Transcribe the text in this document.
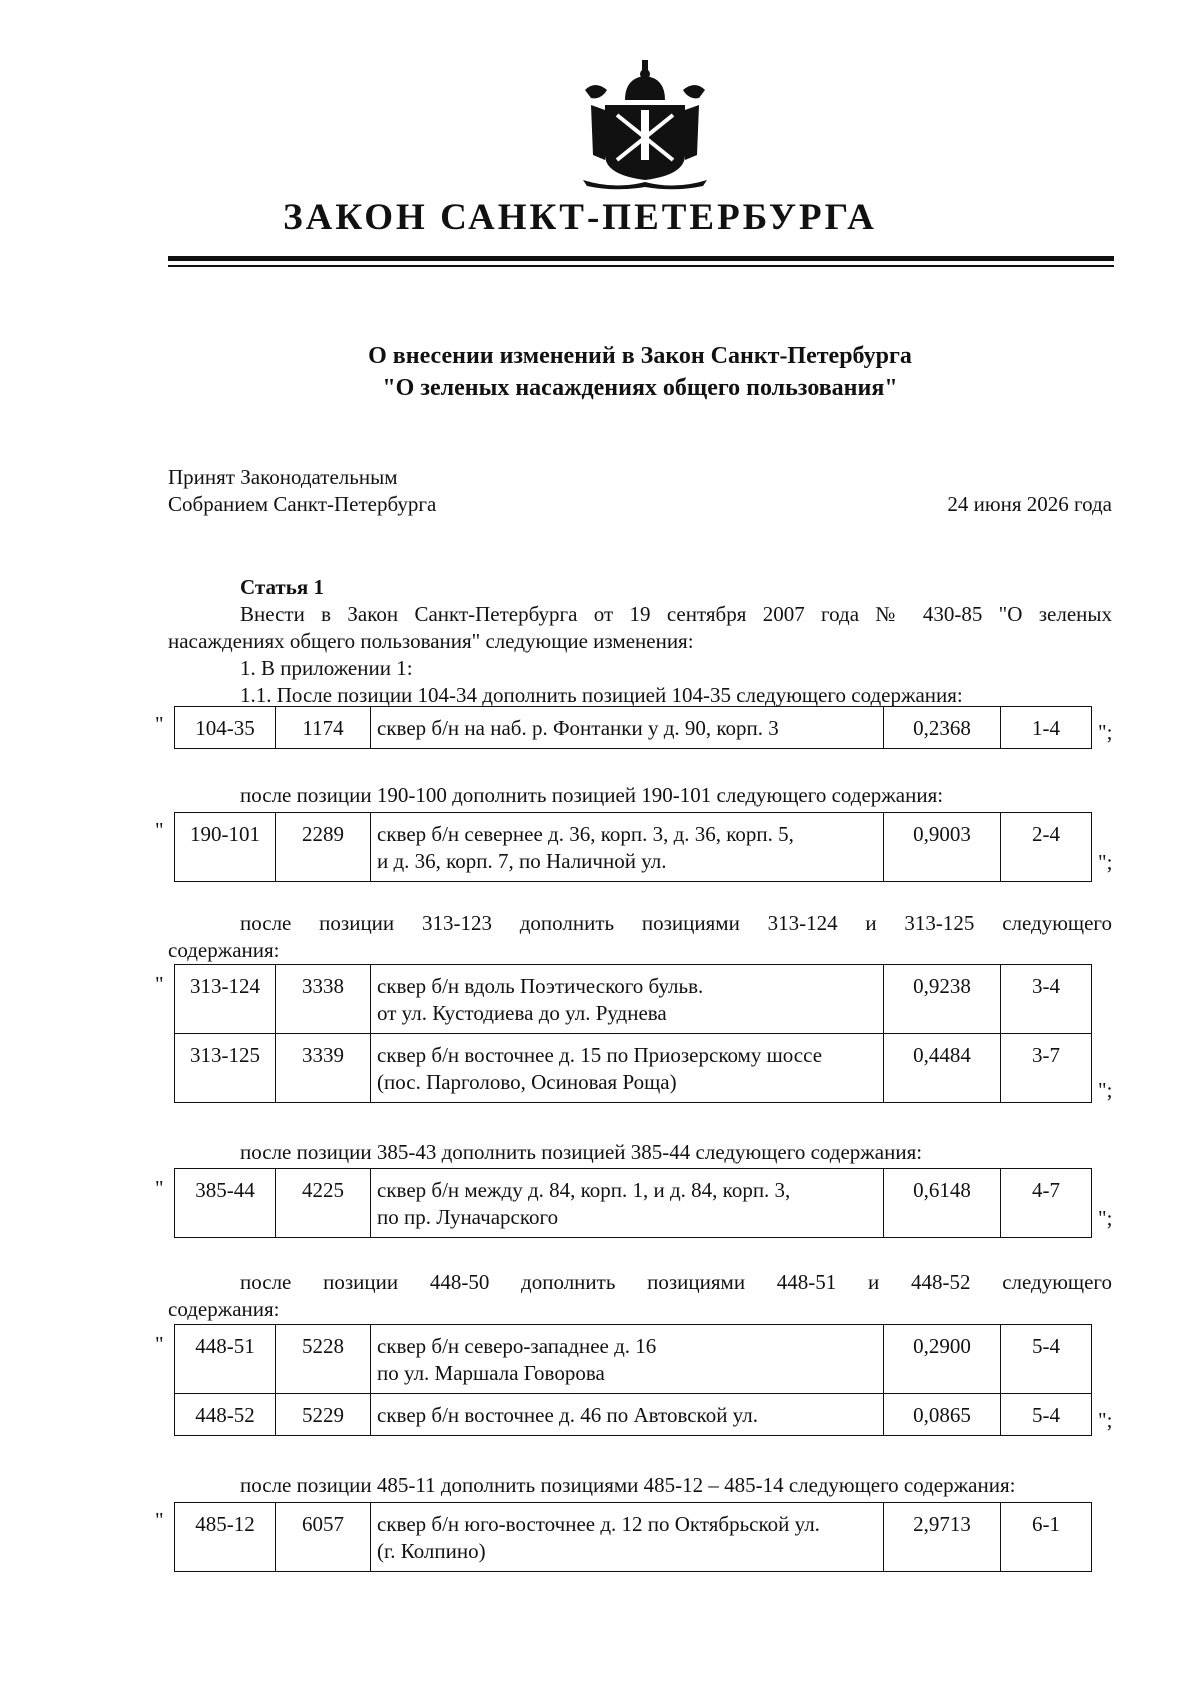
ЗАКОН САНКТ-ПЕТЕРБУРГА
О внесении изменений в Закон Санкт-Петербурга
"О зеленых насаждениях общего пользования"
Принят Законодательным
Собранием Санкт-Петербурга	24 июня 2026 года
Статья 1
Внести в Закон Санкт-Петербурга от 19 сентября 2007 года № 430-85 "О зеленых
насаждениях общего пользования" следующие изменения:
1. В приложении 1:
1.1. После позиции 104-34 дополнить позицией 104-35 следующего содержания:
" 104-35	1174	сквер б/н на наб. р. Фонтанки у д. 90, корп. 3	0,2368	1-4 ";
после позиции 190-100 дополнить позицией 190-101 следующего содержания:
" 190-101	2289	сквер б/н севернее д. 36, корп. 3, д. 36, корп. 5,
и д. 36, корп. 7, по Наличной ул.
	0,9003	2-4
";
после позиции 313-123 дополнить позициями 313-124 и 313-125 следующего
содержания:
" 313-124	3338	сквер б/н вдоль Поэтического бульв.
от ул. Кустодиева до ул. Руднева	0,9238	3-4
313-125	3339	сквер б/н восточнее д. 15 по Приозерскому шоссе
(пос. Парголово, Осиновая Роща)	0,4484	3-7
";
после позиции 385-43 дополнить позицией 385-44 следующего содержания:
" 385-44	4225	сквер б/н между д. 84, корп. 1, и д. 84, корп. 3,
по пр. Луначарского
	0,6148	4-7
";
после позиции 448-50 дополнить позициями 448-51 и 448-52 следующего
содержания:
" 448-51	5228	сквер б/н северо-западнее д. 16
по ул. Маршала Говорова	0,2900	5-4
448-52	5229	сквер б/н восточнее д. 46 по Автовской ул.	0,0865	5-4 ";
после позиции 485-11 дополнить позициями 485-12 – 485-14 следующего содержания:
" 485-12	6057	сквер б/н юго-восточнее д. 12 по Октябрьской ул.
(г. Колпино)
	2,9713	6-1
